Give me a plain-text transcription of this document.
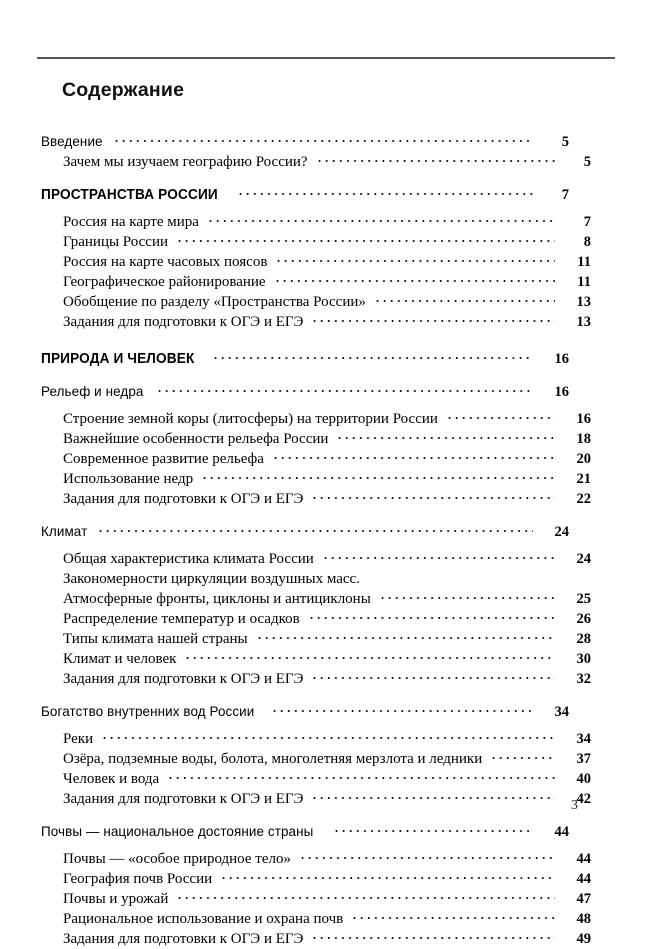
Содержание
Введение	5
Зачем мы изучаем географию России?	5
ПРОСТРАНСТВА РОССИИ	7
Россия на карте мира	7
Границы России	8
Россия на карте часовых поясов	11
Географическое районирование	11
Обобщение по разделу «Пространства России»	13
Задания для подготовки к ОГЭ и ЕГЭ	13
ПРИРОДА И ЧЕЛОВЕК	16
Рельеф и недра	16
Строение земной коры (литосферы) на территории России	16
Важнейшие особенности рельефа России	18
Современное развитие рельефа	20
Использование недр	21
Задания для подготовки к ОГЭ и ЕГЭ	22
Климат	24
Общая характеристика климата России	24
Закономерности циркуляции воздушных масс.
Атмосферные фронты, циклоны и антициклоны	25
Распределение температур и осадков	26
Типы климата нашей страны	28
Климат и человек	30
Задания для подготовки к ОГЭ и ЕГЭ	32
Богатство внутренних вод России	34
Реки	34
Озёра, подземные воды, болота, многолетняя мерзлота и ледники	37
Человек и вода	40
Задания для подготовки к ОГЭ и ЕГЭ	42
Почвы — национальное достояние страны	44
Почвы — «особое природное тело»	44
География почв России	44
Почвы и урожай	47
Рациональное использование и охрана почв	48
Задания для подготовки к ОГЭ и ЕГЭ	49
3
